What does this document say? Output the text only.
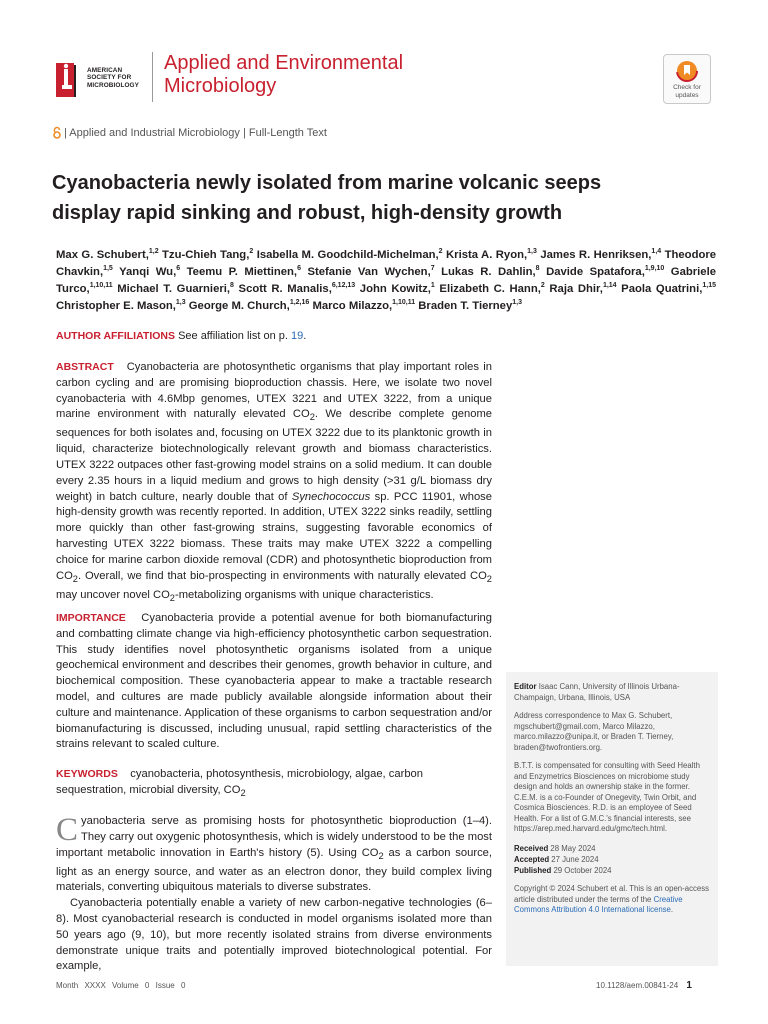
AMERICAN
SOCIETY FOR
MICROBIOLOGY
Applied and Environmental
Microbiology	Check for
updates
| Applied and Industrial Microbiology | Full-Length Text
Cyanobacteria newly isolated from marine volcanic seeps
display rapid sinking and robust, high-density growth
Max G. Schubert,$^{1,2}$ Tzu-Chieh Tang,$^2$ Isabella M. Goodchild-Michelman,$^2$ Krista A. Ryon,$^{1,3}$ James R. Henriksen,$^{1,4}$ Theodore Chavkin,$^{1,5}$ Yanqi Wu,$^6$ Teemu P. Miettinen,$^6$ Stefanie Van Wychen,$^7$ Lukas R. Dahlin,$^8$ Davide Spatafora,$^{1,9,10}$ Gabriele Turco,$^{1,10,11}$ Michael T. Guarnieri,$^8$ Scott R. Manalis,$^{6,12,13}$ John Kowitz,$^1$ Elizabeth C. Hann,$^2$ Raja Dhir,$^{1,14}$ Paola Quatrini,$^{1,15}$ Christopher E. Mason,$^{1,3}$ George M. Church,$^{1,2,16}$ Marco Milazzo,$^{1,10,11}$ Braden T. Tierney$^{1,3}$
AUTHOR AFFILIATIONS See affiliation list on p. 19.
ABSTRACT Cyanobacteria are photosynthetic organisms that play important roles in carbon cycling and are promising bioproduction chassis. Here, we isolate two novel cyanobacteria with 4.6Mbp genomes, UTEX 3221 and UTEX 3222, from a unique marine environment with naturally elevated $CO_2$. We describe complete genome sequences for both isolates and, focusing on UTEX 3222 due to its planktonic growth in liquid, characterize biotechnologically relevant growth and biomass characteristics. UTEX 3222 outpaces other fast-growing model strains on a solid medium. It can double every 2.35 hours in a liquid medium and grows to high density (>31 g/L biomass dry weight) in batch culture, nearly double that of Synechococcus sp. PCC 11901, whose high-density growth was recently reported. In addition, UTEX 3222 sinks readily, settling more quickly than other fast-growing strains, suggesting favorable economics of harvesting UTEX 3222 biomass. These traits may make UTEX 3222 a compelling choice for marine carbon dioxide removal (CDR) and photosynthetic bioproduction from $CO_2$. Overall, we find that bio-prospecting in environments with naturally elevated $CO_2$ may uncover novel $CO_2$-metabolizing organisms with unique characteristics.
IMPORTANCE Cyanobacteria provide a potential avenue for both biomanufacturing and combatting climate change via high-efficiency photosynthetic carbon sequestration. This study identifies novel photosynthetic organisms isolated from a unique geochemical environment and describes their genomes, growth behavior in culture, and biochemical composition. These cyanobacteria appear to make a tractable research model, and cultures are made publicly available alongside information about their culture and maintenance. Application of these organisms to carbon sequestration and/or biomanufacturing is discussed, including unusual, rapid settling characteristics of the strains relevant to scaled culture.
KEYWORDS cyanobacteria, photosynthesis, microbiology, algae, carbon sequestration, microbial diversity, $CO_2$

Cyanobacteria serve as promising hosts for photosynthetic bioproduction (1–4). They carry out oxygenic photosynthesis, which is widely understood to be the most important metabolic innovation in Earth's history (5). Using $CO_2$ as a carbon source, light as an energy source, and water as an electron donor, they build complex living materials, converting ubiquitous materials to diverse substrates.

Cyanobacteria potentially enable a variety of new carbon-negative technologies (6–8). Most cyanobacterial research is conducted in model organisms isolated more than 50 years ago (9, 10), but more recently isolated strains from diverse environments demonstrate unique traits and potentially improved biotechnological potential. For example,

Editor Isaac Cann, University of Illinois Urbana-Champaign, Urbana, Illinois, USA

Address correspondence to Max G. Schubert, mgschubert@gmail.com, Marco Milazzo, marco.milazzo@unipa.it, or Braden T. Tierney, braden@twofrontiers.org.

B.T.T. is compensated for consulting with Seed Health and Enzymetrics Biosciences on microbiome study design and holds an ownership stake in the former. C.E.M. is a co-Founder of Onegevity, Twin Orbit, and Cosmica Biosciences. R.D. is an employee of Seed Health. For a list of G.M.C.'s financial interests, see https://arep.med.harvard.edu/gmc/tech.html.

Received 28 May 2024
Accepted 27 June 2024
Published 29 October 2024

Copyright © 2024 Schubert et al. This is an open-access article distributed under the terms of the Creative Commons Attribution 4.0 International license.

Month XXXX Volume 0 Issue 0	10.1128/aem.00841-24 1
